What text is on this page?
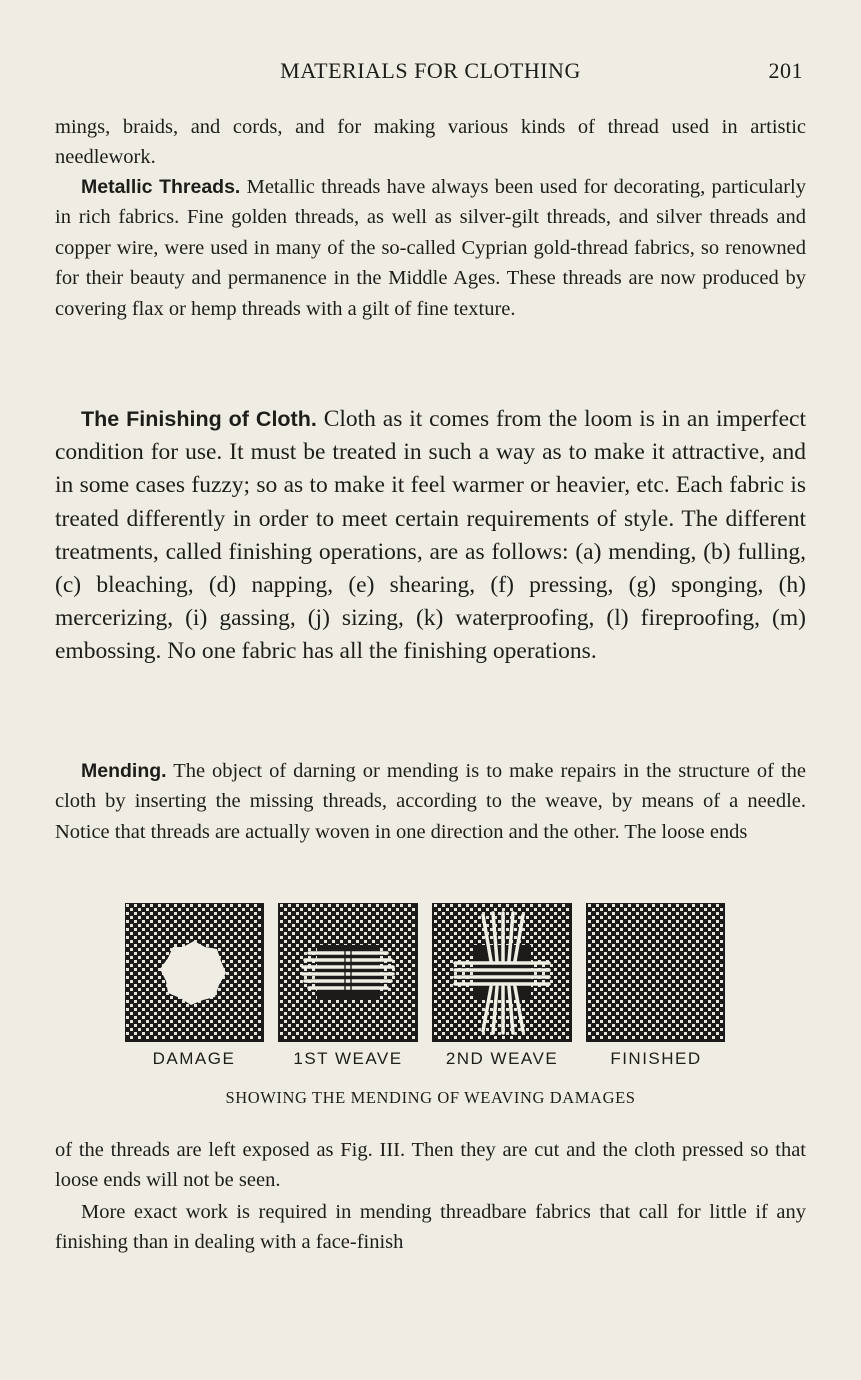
MATERIALS FOR CLOTHING	201

mings, braids, and cords, and for making various kinds of thread used in artistic needlework.

Metallic Threads. Metallic threads have always been used for decorating, particularly in rich fabrics. Fine golden threads, as well as silver-gilt threads, and silver threads and copper wire, were used in many of the so-called Cyprian gold-thread fabrics, so renowned for their beauty and permanence in the Middle Ages. These threads are now produced by covering flax or hemp threads with a gilt of fine texture.

The Finishing of Cloth. Cloth as it comes from the loom is in an imperfect condition for use. It must be treated in such a way as to make it attractive, and in some cases fuzzy; so as to make it feel warmer or heavier, etc. Each fabric is treated differently in order to meet certain requirements of style. The different treatments, called finishing operations, are as follows: (a) mending, (b) fulling, (c) bleaching, (d) napping, (e) shearing, (f) pressing, (g) sponging, (h) mercerizing, (i) gassing, (j) sizing, (k) waterproofing, (l) fireproofing, (m) embossing. No one fabric has all the finishing operations.

Mending. The object of darning or mending is to make repairs in the structure of the cloth by inserting the missing threads, according to the weave, by means of a needle. Notice that threads are actually woven in one direction and the other. The loose ends

DAMAGE	1ST WEAVE	2ND WEAVE	FINISHED
SHOWING THE MENDING OF WEAVING DAMAGES

of the threads are left exposed as Fig. III. Then they are cut and the cloth pressed so that loose ends will not be seen.

More exact work is required in mending threadbare fabrics that call for little if any finishing than in dealing with a face-finish
